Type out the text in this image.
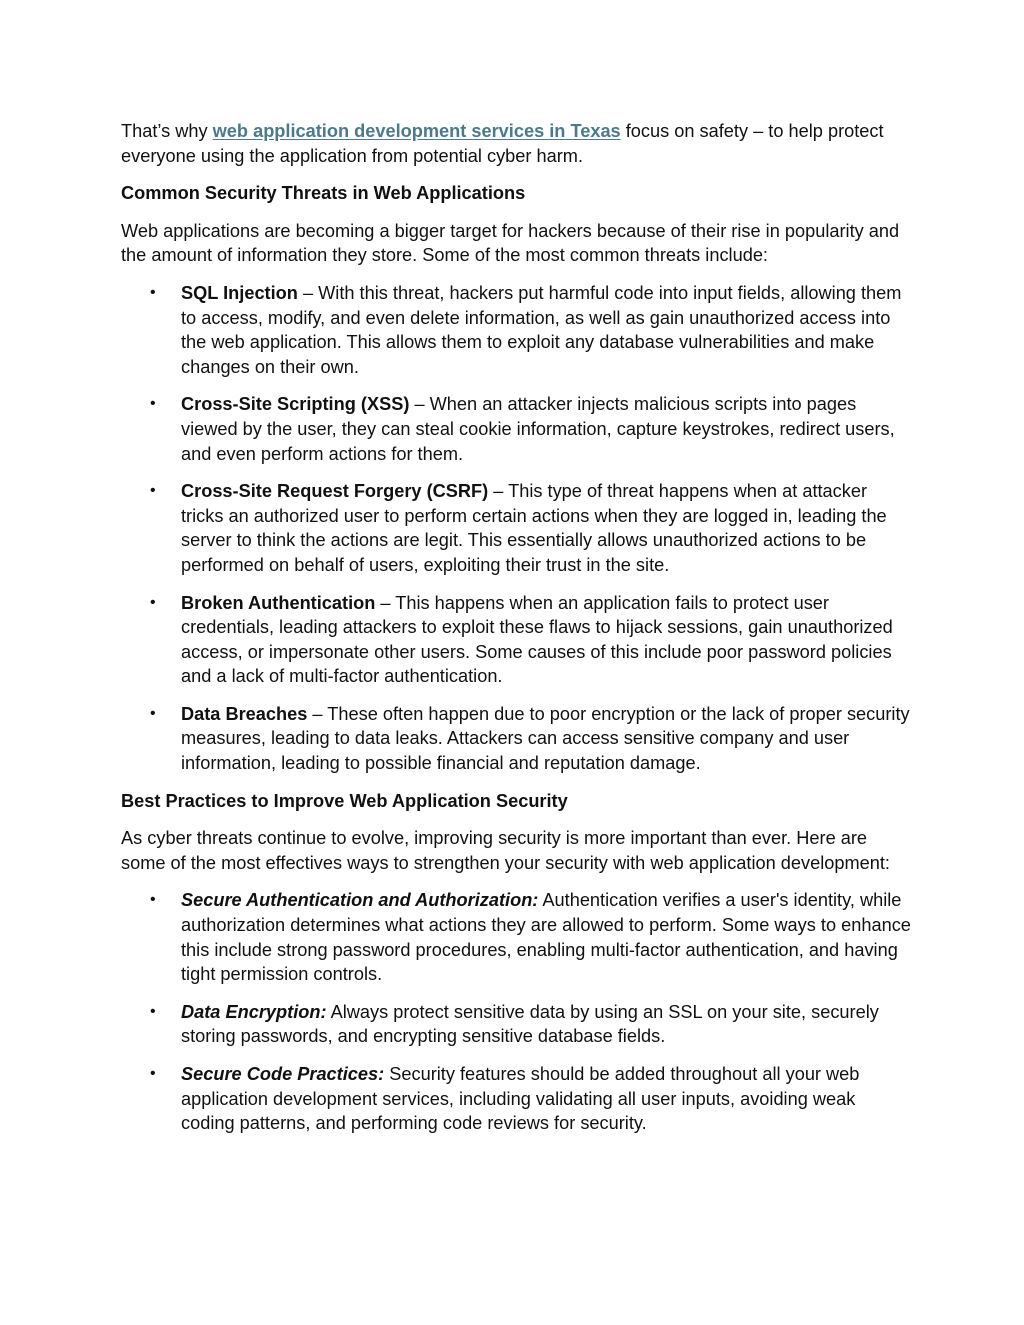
That’s why web application development services in Texas focus on safety – to help protect everyone using the application from potential cyber harm.

Common Security Threats in Web Applications

Web applications are becoming a bigger target for hackers because of their rise in popularity and the amount of information they store. Some of the most common threats include:

• SQL Injection – With this threat, hackers put harmful code into input fields, allowing them to access, modify, and even delete information, as well as gain unauthorized access into the web application. This allows them to exploit any database vulnerabilities and make changes on their own.
• Cross-Site Scripting (XSS) – When an attacker injects malicious scripts into pages viewed by the user, they can steal cookie information, capture keystrokes, redirect users, and even perform actions for them.
• Cross-Site Request Forgery (CSRF) – This type of threat happens when at attacker tricks an authorized user to perform certain actions when they are logged in, leading the server to think the actions are legit. This essentially allows unauthorized actions to be performed on behalf of users, exploiting their trust in the site.
• Broken Authentication – This happens when an application fails to protect user credentials, leading attackers to exploit these flaws to hijack sessions, gain unauthorized access, or impersonate other users. Some causes of this include poor password policies and a lack of multi-factor authentication.
• Data Breaches – These often happen due to poor encryption or the lack of proper security measures, leading to data leaks. Attackers can access sensitive company and user information, leading to possible financial and reputation damage.

Best Practices to Improve Web Application Security

As cyber threats continue to evolve, improving security is more important than ever. Here are some of the most effectives ways to strengthen your security with web application development:

• Secure Authentication and Authorization: Authentication verifies a user's identity, while authorization determines what actions they are allowed to perform. Some ways to enhance this include strong password procedures, enabling multi-factor authentication, and having tight permission controls.
• Data Encryption: Always protect sensitive data by using an SSL on your site, securely storing passwords, and encrypting sensitive database fields.
• Secure Code Practices: Security features should be added throughout all your web application development services, including validating all user inputs, avoiding weak coding patterns, and performing code reviews for security.
